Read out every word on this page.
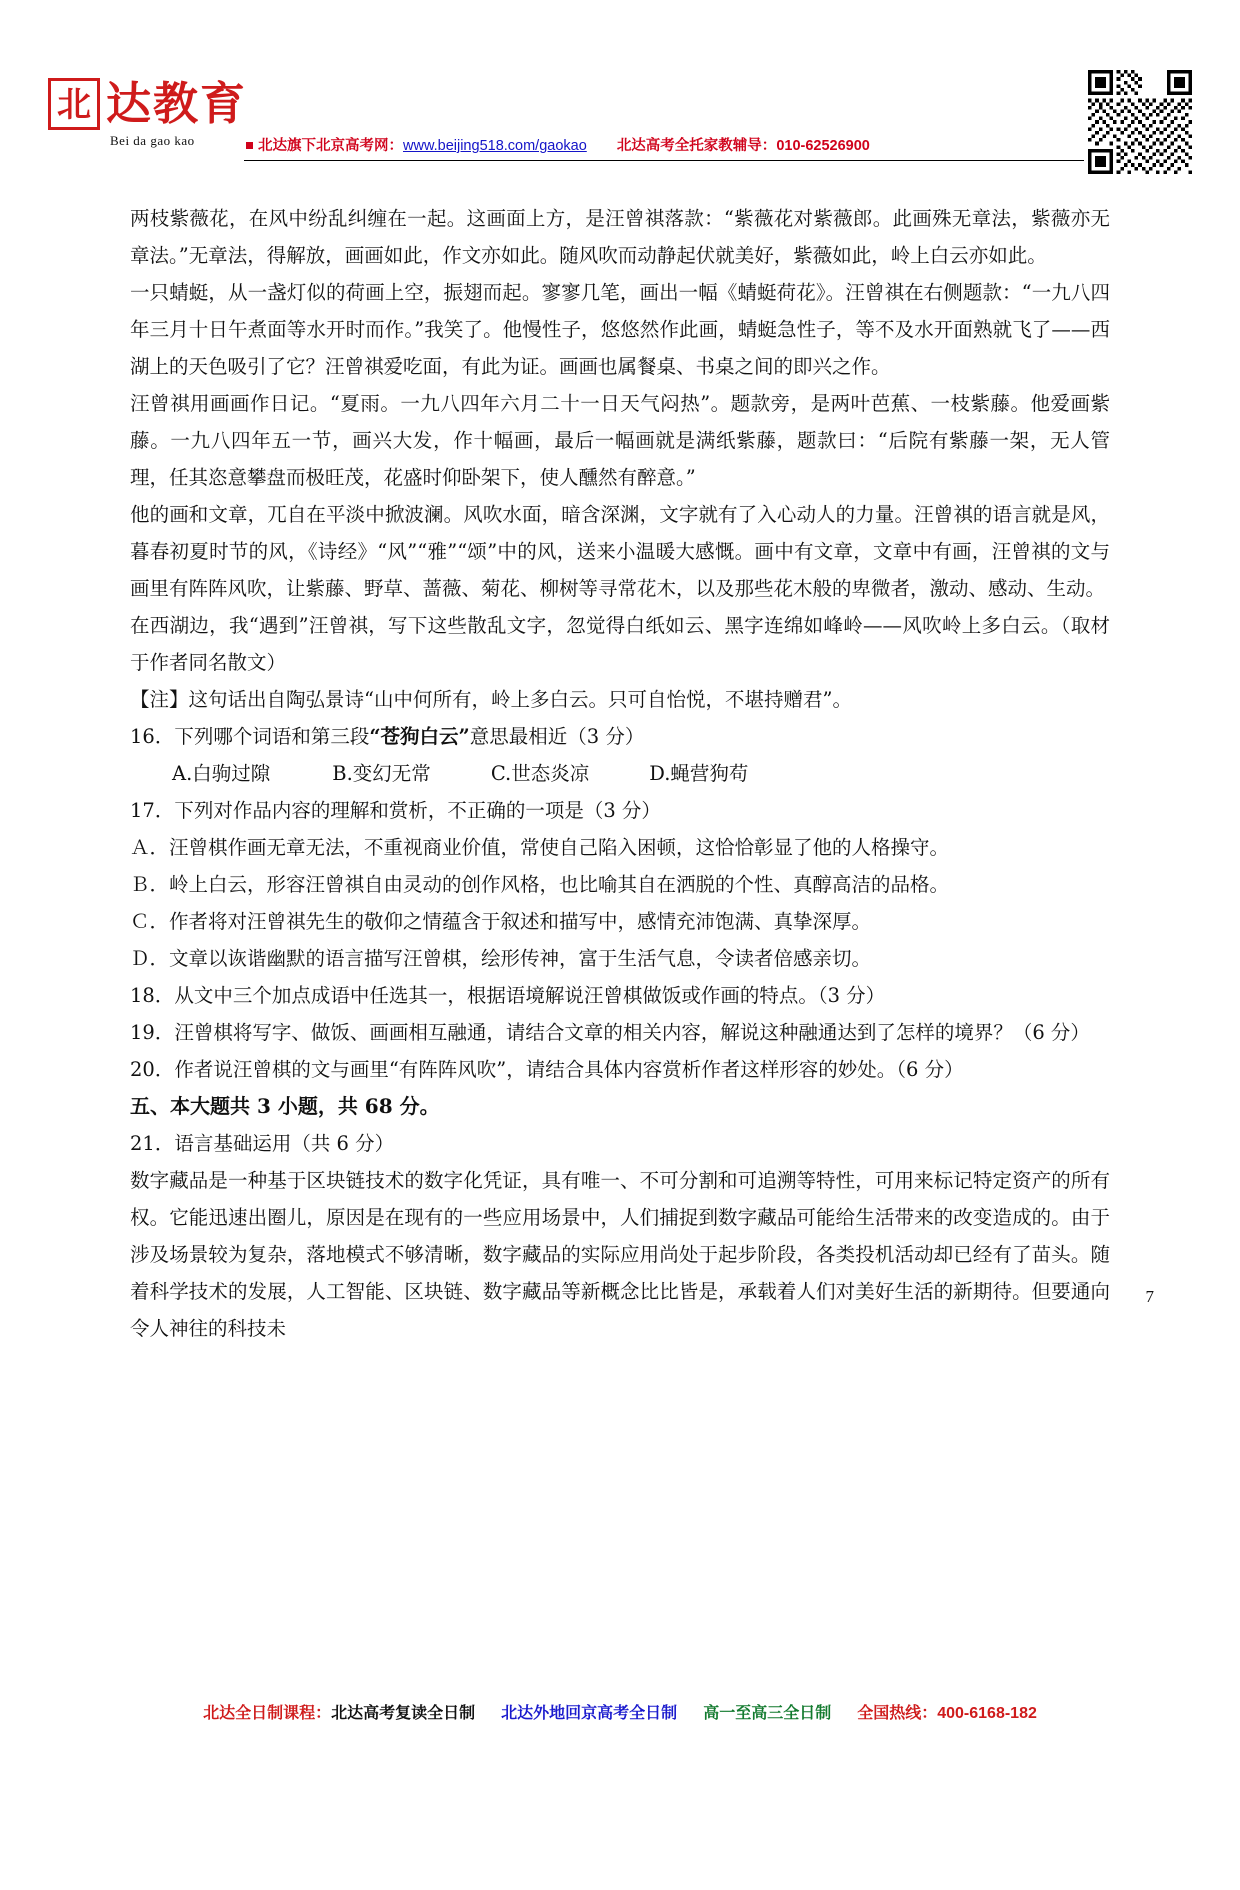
北 达教育
Bei da gao kao	北达旗下北京高考网：www.beijing518.com/gaokao 北达高考全托家教辅导：010-62526900

两枝紫薇花，在风中纷乱纠缠在一起。这画面上方，是汪曾祺落款：“紫薇花对紫薇郎。此画殊无章法，紫薇亦无章法。”无章法，得解放，画画如此，作文亦如此。随风吹而动静起伏就美好，紫薇如此，岭上白云亦如此。

一只蜻蜓，从一盏灯似的荷画上空，振翅而起。寥寥几笔，画出一幅《蜻蜓荷花》。汪曾祺在右侧题款：“一九八四年三月十日午煮面等水开时而作。”我笑了。他慢性子，悠悠然作此画，蜻蜓急性子，等不及水开面熟就飞了——西湖上的天色吸引了它？汪曾祺爱吃面，有此为证。画画也属餐桌、书桌之间的即兴之作。

汪曾祺用画画作日记。“夏雨。一九八四年六月二十一日天气闷热”。题款旁，是两叶芭蕉、一枝紫藤。他爱画紫藤。一九八四年五一节，画兴大发，作十幅画，最后一幅画就是满纸紫藤，题款曰：“后院有紫藤一架，无人管理，任其恣意攀盘而极旺茂，花盛时仰卧架下，使人醺然有醉意。”

他的画和文章，兀自在平淡中掀波澜。风吹水面，暗含深渊，文字就有了入心动人的力量。汪曾祺的语言就是风，暮春初夏时节的风，《诗经》“风”“雅”“颂”中的风，送来小温暖大感慨。画中有文章，文章中有画，汪曾祺的文与画里有阵阵风吹，让紫藤、野草、蔷薇、菊花、柳树等寻常花木，以及那些花木般的卑微者，激动、感动、生动。

在西湖边，我“遇到”汪曾祺，写下这些散乱文字，忽觉得白纸如云、黑字连绵如峰岭——风吹岭上多白云。（取材于作者同名散文）

【注】这句话出自陶弘景诗“山中何所有，岭上多白云。只可自怡悦，不堪持赠君”。

16．下列哪个词语和第三段“苍狗白云”意思最相近（3 分）

A.白驹过隙	B.变幻无常	C.世态炎凉	D.蝇营狗苟

17．下列对作品内容的理解和赏析，不正确的一项是（3 分）

Ａ．汪曾棋作画无章无法，不重视商业价值，常使自己陷入困顿，这恰恰彰显了他的人格操守。

Ｂ．岭上白云，形容汪曾祺自由灵动的创作风格，也比喻其自在洒脱的个性、真醇高洁的品格。

Ｃ．作者将对汪曾祺先生的敬仰之情蕴含于叙述和描写中，感情充沛饱满、真挚深厚。

Ｄ．文章以诙谐幽默的语言描写汪曾棋，绘形传神，富于生活气息，令读者倍感亲切。

18．从文中三个加点成语中任选其一，根据语境解说汪曾棋做饭或作画的特点。（3 分）

19．汪曾棋将写字、做饭、画画相互融通，请结合文章的相关内容，解说这种融通达到了怎样的境界？（6 分）

20．作者说汪曾棋的文与画里“有阵阵风吹”，请结合具体内容赏析作者这样形容的妙处。（6 分）

五、本大题共 3 小题，共 68 分。

21．语言基础运用（共 6 分）

数字藏品是一种基于区块链技术的数字化凭证，具有唯一、不可分割和可追溯等特性，可用来标记特定资产的所有权。它能迅速出圈儿，原因是在现有的一些应用场景中，人们捕捉到数字藏品可能给生活带来的改变造成的。由于涉及场景较为复杂，落地模式不够清晰，数字藏品的实际应用尚处于起步阶段，各类投机活动却已经有了苗头。随着科学技术的发展，人工智能、区块链、数字藏品等新概念比比皆是，承载着人们对美好生活的新期待。但要通向令人神往的科技未

7
北达全日制课程：北达高考复读全日制 北达外地回京高考全日制 高一至高三全日制 全国热线：400-6168-182
